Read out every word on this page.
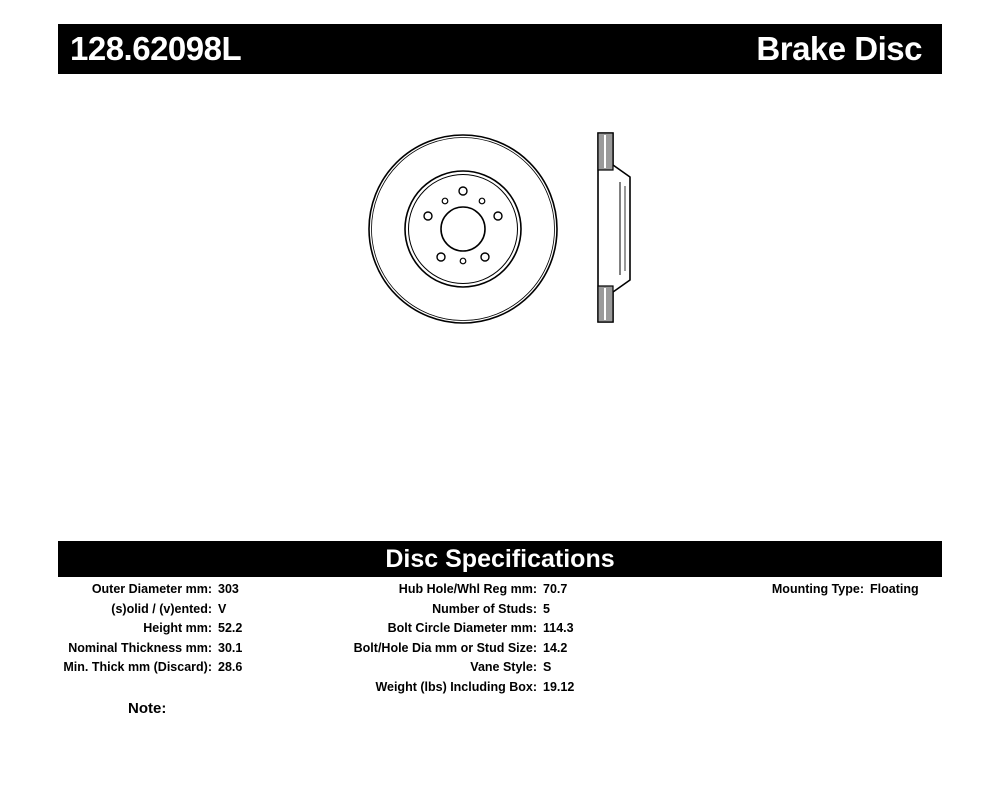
128.62098L	Brake Disc
Disc Specifications
Outer Diameter mm: 303
(s)olid / (v)ented: V
Height mm: 52.2
Nominal Thickness mm: 30.1
Min. Thick mm (Discard): 28.6
Hub Hole/Whl Reg mm: 70.7
Number of Studs: 5
Bolt Circle Diameter mm: 114.3
Bolt/Hole Dia mm or Stud Size: 14.2
Vane Style: S
Weight (lbs) Including Box: 19.12
Mounting Type: Floating
Note:
